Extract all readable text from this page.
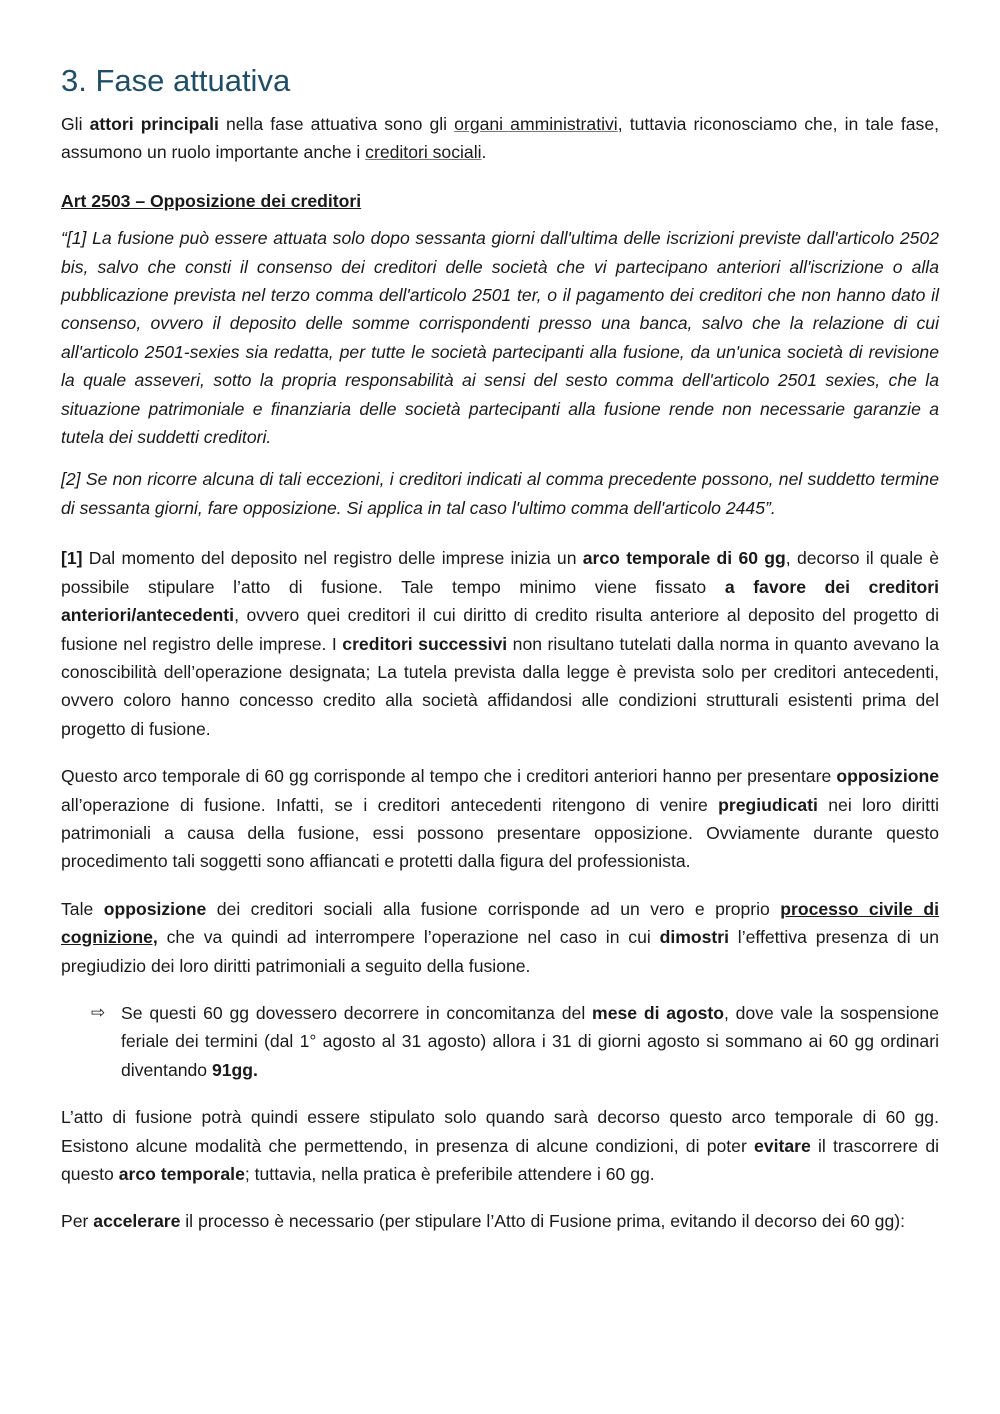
3. Fase attuativa

Gli attori principali nella fase attuativa sono gli organi amministrativi, tuttavia riconosciamo che, in tale fase, assumono un ruolo importante anche i creditori sociali.

Art 2503 – Opposizione dei creditori

“[1] La fusione può essere attuata solo dopo sessanta giorni dall'ultima delle iscrizioni previste dall'articolo 2502 bis, salvo che consti il consenso dei creditori delle società che vi partecipano anteriori all'iscrizione o alla pubblicazione prevista nel terzo comma dell'articolo 2501 ter, o il pagamento dei creditori che non hanno dato il consenso, ovvero il deposito delle somme corrispondenti presso una banca, salvo che la relazione di cui all'articolo 2501-sexies sia redatta, per tutte le società partecipanti alla fusione, da un'unica società di revisione la quale asseveri, sotto la propria responsabilità ai sensi del sesto comma dell'articolo 2501 sexies, che la situazione patrimoniale e finanziaria delle società partecipanti alla fusione rende non necessarie garanzie a tutela dei suddetti creditori.

[2] Se non ricorre alcuna di tali eccezioni, i creditori indicati al comma precedente possono, nel suddetto termine di sessanta giorni, fare opposizione. Si applica in tal caso l'ultimo comma dell'articolo 2445”.

[1] Dal momento del deposito nel registro delle imprese inizia un arco temporale di 60 gg, decorso il quale è possibile stipulare l’atto di fusione. Tale tempo minimo viene fissato a favore dei creditori anteriori/antecedenti, ovvero quei creditori il cui diritto di credito risulta anteriore al deposito del progetto di fusione nel registro delle imprese. I creditori successivi non risultano tutelati dalla norma in quanto avevano la conoscibilità dell’operazione designata; La tutela prevista dalla legge è prevista solo per creditori antecedenti, ovvero coloro hanno concesso credito alla società affidandosi alle condizioni strutturali esistenti prima del progetto di fusione.

Questo arco temporale di 60 gg corrisponde al tempo che i creditori anteriori hanno per presentare opposizione all’operazione di fusione. Infatti, se i creditori antecedenti ritengono di venire pregiudicati nei loro diritti patrimoniali a causa della fusione, essi possono presentare opposizione. Ovviamente durante questo procedimento tali soggetti sono affiancati e protetti dalla figura del professionista.

Tale opposizione dei creditori sociali alla fusione corrisponde ad un vero e proprio processo civile di cognizione, che va quindi ad interrompere l’operazione nel caso in cui dimostri l’effettiva presenza di un pregiudizio dei loro diritti patrimoniali a seguito della fusione.

⇨ Se questi 60 gg dovessero decorrere in concomitanza del mese di agosto, dove vale la sospensione feriale dei termini (dal 1° agosto al 31 agosto) allora i 31 di giorni agosto si sommano ai 60 gg ordinari diventando 91gg.

L’atto di fusione potrà quindi essere stipulato solo quando sarà decorso questo arco temporale di 60 gg. Esistono alcune modalità che permettendo, in presenza di alcune condizioni, di poter evitare il trascorrere di questo arco temporale; tuttavia, nella pratica è preferibile attendere i 60 gg.

Per accelerare il processo è necessario (per stipulare l’Atto di Fusione prima, evitando il decorso dei 60 gg):
